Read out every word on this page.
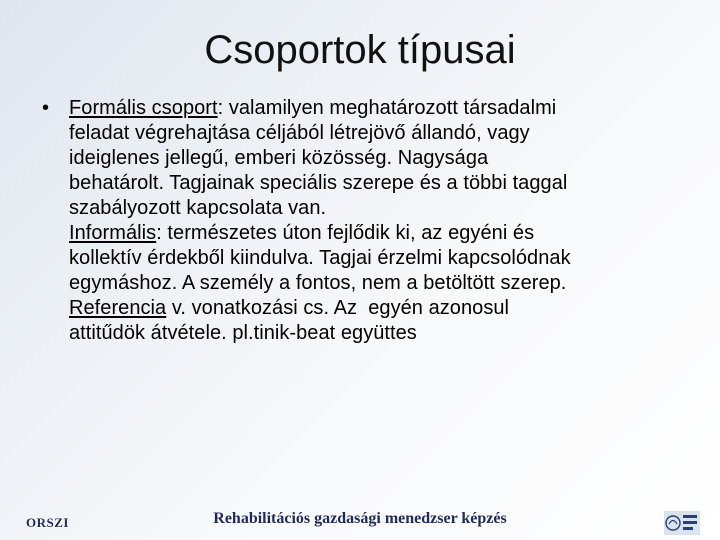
Csoportok típusai
• Formális csoport: valamilyen meghatározott társadalmi
feladat végrehajtása céljából létrejövő állandó, vagy
ideiglenes jellegű, emberi közösség. Nagysága
behatárolt. Tagjainak speciális szerepe és a többi taggal
szabályozott kapcsolata van.
Informális: természetes úton fejlődik ki, az egyéni és
kollektív érdekből kiindulva. Tagjai érzelmi kapcsolódnak
egymáshoz. A személy a fontos, nem a betöltött szerep.
Referencia v. vonatkozási cs. Az  egyén azonosul
attitűdök átvétele. pl.tinik-beat együttes
ORSZI	Rehabilitációs gazdasági menedzser képzés
